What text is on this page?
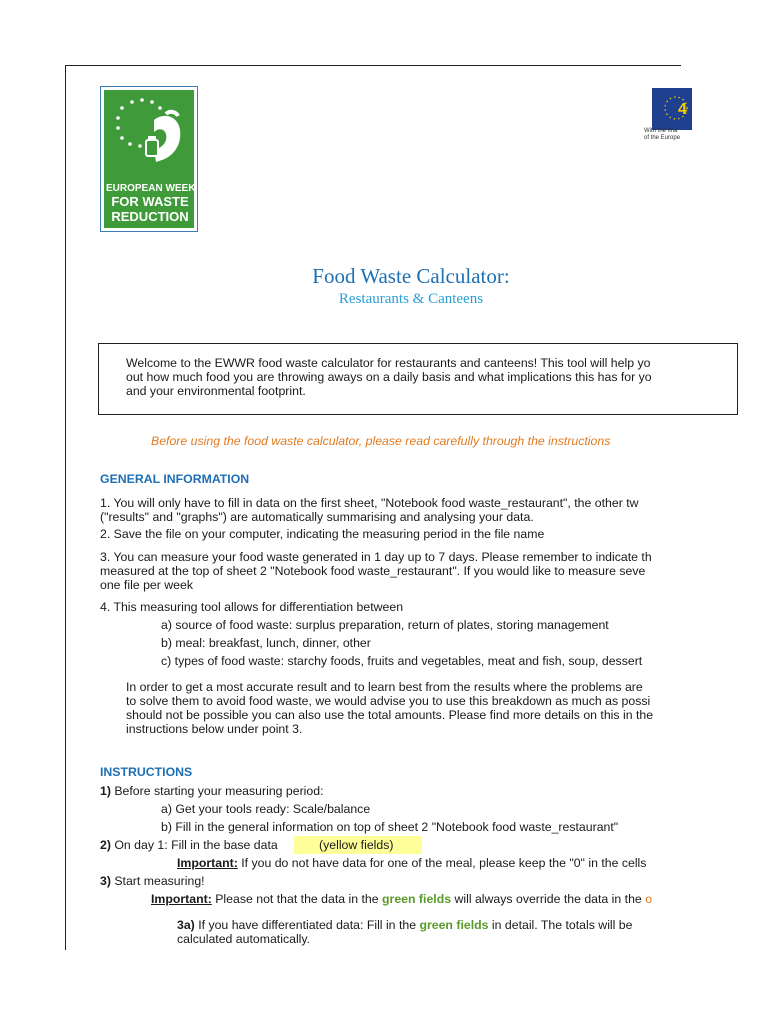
EUROPEAN WEEK
FOR WASTE
REDUCTION
4
With the fina
of the Europe
Food Waste Calculator:
Restaurants & Canteens
Welcome to the EWWR food waste calculator for restaurants and canteens! This tool will help yo
out how much food you are throwing aways on a daily basis and what implications this has for yo
and your environmental footprint.
Before using the food waste calculator, please read carefully through the instructions
GENERAL INFORMATION
1. You will only have to fill in data on the first sheet, "Notebook food waste_restaurant", the other tw
("results" and "graphs") are automatically summarising and analysing your data.
2. Save the file on your computer, indicating the measuring period in the file name
3. You can measure your food waste generated in 1 day up to 7 days. Please remember to indicate th
measured at the top of sheet 2 "Notebook food waste_restaurant". If you would like to measure seve
one file per week
4. This measuring tool allows for differentiation between
a) source of food waste: surplus preparation, return of plates, storing management
b) meal: breakfast, lunch, dinner, other
c) types of food waste: starchy foods, fruits and vegetables, meat and fish, soup, dessert
In order to get a most accurate result and to learn best from the results where the problems are
to solve them to avoid food waste, we would advise you to use this breakdown as much as possi
should not be possible you can also use the total amounts. Please find more details on this in the
instructions below under point 3.
INSTRUCTIONS
1) Before starting your measuring period:
a) Get your tools ready: Scale/balance
b) Fill in the general information on top of sheet 2 "Notebook food waste_restaurant"
2) On day 1: Fill in the base data	(yellow fields)
Important: If you do not have data for one of the meal, please keep the "0" in the cells
3) Start measuring!
Important: Please not that the data in the green fields will always override the data in the o
3a) If you have differentiated data: Fill in the green fields in detail. The totals will be
calculated automatically.
